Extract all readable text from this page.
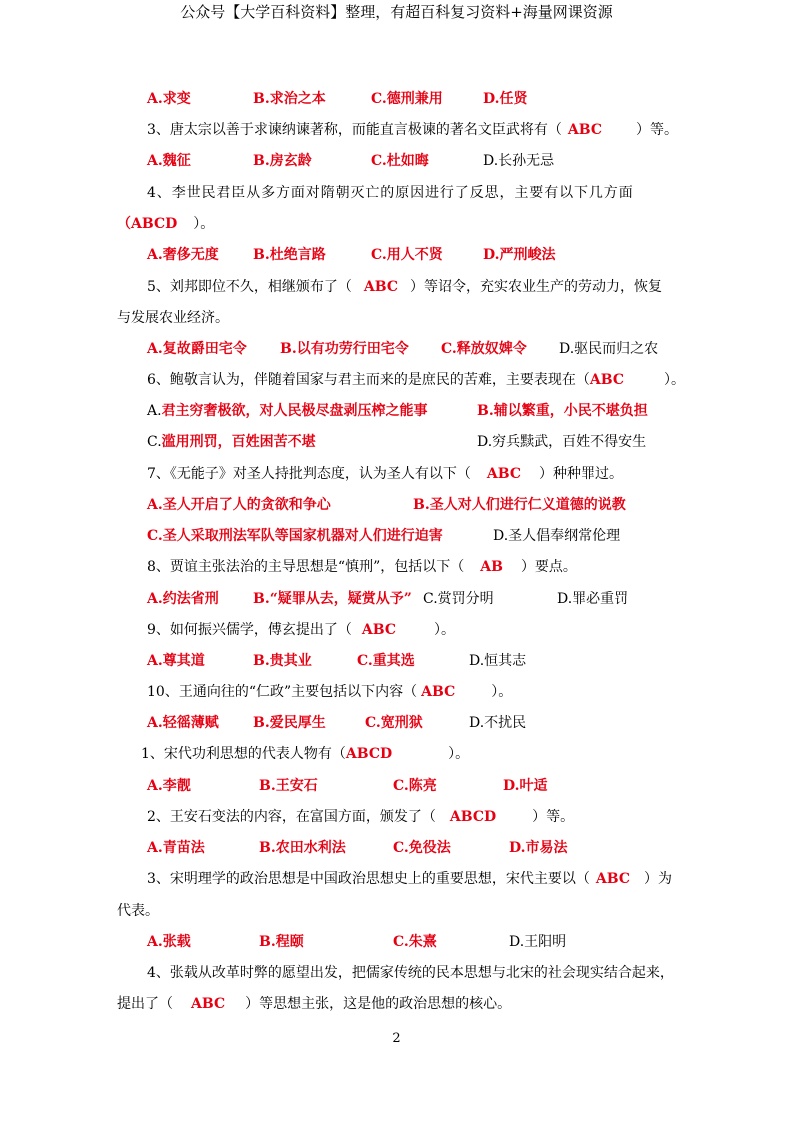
公众号【大学百科资料】整理，有超百科复习资料+海量网课资源
A.求变	B.求治之本	C.德刑兼用	D.任贤
3、唐太宗以善于求谏纳谏著称，而能直言极谏的著名文臣武将有（ ABC ）等。
A.魏征	B.房玄龄	C.杜如晦	D.长孙无忌
4、李世民君臣从多方面对隋朝灭亡的原因进行了反思，主要有以下几方面
（ABCD ）。
A.奢侈无度 B.杜绝言路	C.用人不贤	D.严刑峻法
5、刘邦即位不久，相继颁布了（ ABC ）等诏令，充实农业生产的劳动力，恢复
与发展农业经济。
A.复故爵田宅令 B.以有功劳行田宅令 C.释放奴婢令 D.驱民而归之农
6、鲍敬言认为，伴随着国家与君主而来的是庶民的苦难，主要表现在（ABC	）。
A.君主穷奢极欲，对人民极尽盘剥压榨之能事	B.辅以繁重，小民不堪负担
C.滥用刑罚，百姓困苦不堪	D.穷兵黩武，百姓不得安生
7、《无能子》对圣人持批判态度，认为圣人有以下（ ABC ）种种罪过。
A.圣人开启了人的贪欲和争心	B.圣人对人们进行仁义道德的说教
C.圣人采取刑法军队等国家机器对人们进行迫害	D.圣人倡奉纲常伦理
8、贾谊主张法治的主导思想是“慎刑”，包括以下（ AB ）要点。
A.约法省刑 B.“疑罪从去，疑赏从予” C.赏罚分明	D.罪必重罚
9、如何振兴儒学，傅玄提出了（ ABC	）。
A.尊其道	B.贵其业	C.重其选	D.恒其志
10、王通向往的“仁政”主要包括以下内容（ ABC	）。
A.轻徭薄赋 B.爱民厚生	C.宽刑狱	D.不扰民
1、宋代功利思想的代表人物有（ABCD	）。
A.李靓	B.王安石	C.陈亮	D.叶适
2、王安石变法的内容，在富国方面，颁发了（ ABCD	）等。
A.青苗法	B.农田水利法	C.免役法	D.市易法
3、宋明理学的政治思想是中国政治思想史上的重要思想，宋代主要以（ ABC ）为
代表。
A.张载	B.程颐	C.朱熹	D.王阳明
4、张载从改革时弊的愿望出发，把儒家传统的民本思想与北宋的社会现实结合起来，
提出了（ ABC ）等思想主张，这是他的政治思想的核心。
2
